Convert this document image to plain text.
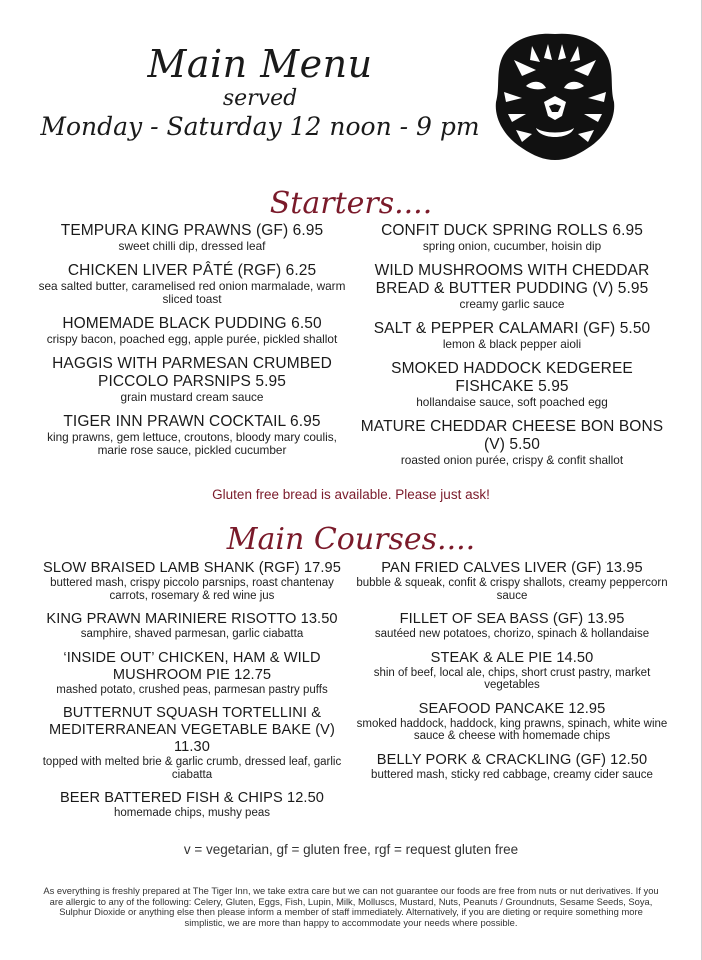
Main Menu
served
Monday - Saturday 12 noon - 9 pm
Starters....
TEMPURA KING PRAWNS (GF) 6.95
sweet chilli dip, dressed leaf
CHICKEN LIVER PÂTÉ (RGF) 6.25
sea salted butter, caramelised red onion marmalade, warm sliced toast
HOMEMADE BLACK PUDDING 6.50
crispy bacon, poached egg, apple purée, pickled shallot
HAGGIS WITH PARMESAN CRUMBED PICCOLO PARSNIPS 5.95
grain mustard cream sauce
TIGER INN PRAWN COCKTAIL 6.95
king prawns, gem lettuce, croutons, bloody mary coulis, marie rose sauce, pickled cucumber
CONFIT DUCK SPRING ROLLS 6.95
spring onion, cucumber, hoisin dip
WILD MUSHROOMS WITH CHEDDAR BREAD & BUTTER PUDDING (V) 5.95
creamy garlic sauce
SALT & PEPPER CALAMARI (GF) 5.50
lemon & black pepper aioli
SMOKED HADDOCK KEDGEREE FISHCAKE 5.95
hollandaise sauce, soft poached egg
MATURE CHEDDAR CHEESE BON BONS (V) 5.50
roasted onion purée, crispy & confit shallot
Gluten free bread is available. Please just ask!
Main Courses....
SLOW BRAISED LAMB SHANK (RGF) 17.95
buttered mash, crispy piccolo parsnips, roast chantenay carrots, rosemary & red wine jus
KING PRAWN MARINIERE RISOTTO 13.50
samphire, shaved parmesan, garlic ciabatta
‘INSIDE OUT’ CHICKEN, HAM & WILD MUSHROOM PIE 12.75
mashed potato, crushed peas, parmesan pastry puffs
BUTTERNUT SQUASH TORTELLINI & MEDITERRANEAN VEGETABLE BAKE (V) 11.30
topped with melted brie & garlic crumb, dressed leaf, garlic ciabatta
BEER BATTERED FISH & CHIPS 12.50
homemade chips, mushy peas
PAN FRIED CALVES LIVER (GF) 13.95
bubble & squeak, confit & crispy shallots, creamy peppercorn sauce
FILLET OF SEA BASS (GF) 13.95
sautéed new potatoes, chorizo, spinach & hollandaise
STEAK & ALE PIE 14.50
shin of beef, local ale, chips, short crust pastry, market vegetables
SEAFOOD PANCAKE 12.95
smoked haddock, haddock, king prawns, spinach, white wine sauce & cheese with homemade chips
BELLY PORK & CRACKLING (GF) 12.50
buttered mash, sticky red cabbage, creamy cider sauce
v = vegetarian, gf = gluten free, rgf = request gluten free
As everything is freshly prepared at The Tiger Inn, we take extra care but we can not guarantee our foods are free from nuts or nut derivatives. If you are allergic to any of the following: Celery, Gluten, Eggs, Fish, Lupin, Milk, Molluscs, Mustard, Nuts, Peanuts / Groundnuts, Sesame Seeds, Soya, Sulphur Dioxide or anything else then please inform a member of staff immediately. Alternatively, if you are dieting or require something more simplistic, we are more than happy to accommodate your needs where possible.
